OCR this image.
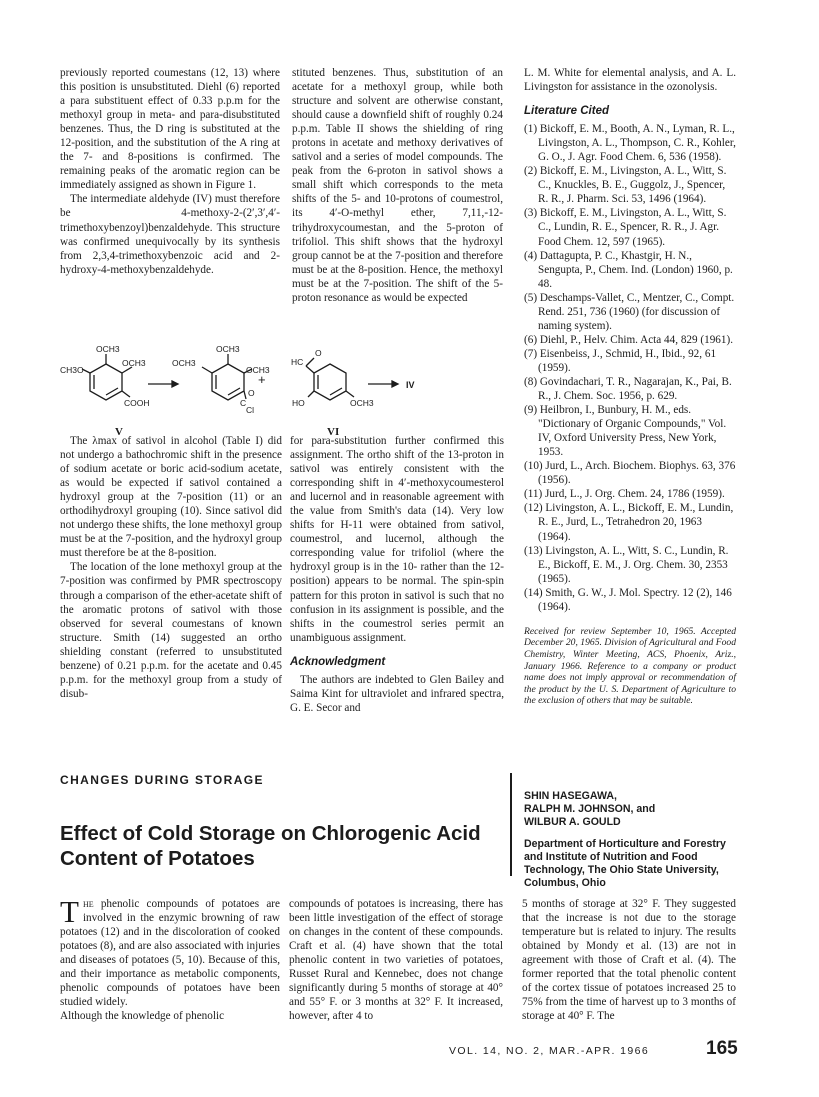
previously reported coumestans (12, 13) where this position is unsubstituted. Diehl (6) reported a para substituent effect of 0.33 p.p.m for the methoxyl group in meta- and para-disubstituted benzenes. Thus, the D ring is substituted at the 12-position, and the substitution of the A ring at the 7- and 8-positions is confirmed. The remaining peaks of the aromatic region can be immediately assigned as shown in Figure 1.

The intermediate aldehyde (IV) must therefore be 4-methoxy-2-(2′,3′,4′-trimethoxybenzoyl)benzaldehyde. This structure was confirmed unequivocally by its synthesis from 2,3,4-trimethoxybenzoic acid and 2-hydroxy-4-methoxybenzaldehyde.

stituted benzenes. Thus, substitution of an acetate for a methoxyl group, while both structure and solvent are otherwise constant, should cause a downfield shift of roughly 0.24 p.p.m. Table II shows the shielding of ring protons in acetate and methoxy derivatives of sativol and a series of model compounds. The peak from the 6-proton in sativol shows a small shift which corresponds to the meta shifts of the 5- and 10-protons of coumestrol, its 4′-O-methyl ether, 7,11,-12-trihydroxycoumestan, and the 5-proton of trifoliol. This shift shows that the hydroxyl group cannot be at the 7-position and therefore must be at the 8-position. Hence, the methoxyl must be at the 7-position. The shift of the 5-proton resonance as would be expected

L. M. White for elemental analysis, and A. L. Livingston for assistance in the ozonolysis.

Literature Cited
(1) Bickoff, E. M., Booth, A. N., Lyman, R. L., Livingston, A. L., Thompson, C. R., Kohler, G. O., J. Agr. Food Chem. 6, 536 (1958).
(2) Bickoff, E. M., Livingston, A. L., Witt, S. C., Knuckles, B. E., Guggolz, J., Spencer, R. R., J. Pharm. Sci. 53, 1496 (1964).
(3) Bickoff, E. M., Livingston, A. L., Witt, S. C., Lundin, R. E., Spencer, R. R., J. Agr. Food Chem. 12, 597 (1965).
(4) Dattagupta, P. C., Khastgir, H. N., Sengupta, P., Chem. Ind. (London) 1960, p. 48.
(5) Deschamps-Vallet, C., Mentzer, C., Compt. Rend. 251, 736 (1960) (for discussion of naming system).
(6) Diehl, P., Helv. Chim. Acta 44, 829 (1961).
(7) Eisenbeiss, J., Schmid, H., Ibid., 92, 61 (1959).
(8) Govindachari, T. R., Nagarajan, K., Pai, B. R., J. Chem. Soc. 1956, p. 629.
(9) Heilbron, I., Bunbury, H. M., eds. "Dictionary of Organic Compounds," Vol. IV, Oxford University Press, New York, 1953.
(10) Jurd, L., Arch. Biochem. Biophys. 63, 376 (1956).
(11) Jurd, L., J. Org. Chem. 24, 1786 (1959).
(12) Livingston, A. L., Bickoff, E. M., Lundin, R. E., Jurd, L., Tetrahedron 20, 1963 (1964).
(13) Livingston, A. L., Witt, S. C., Lundin, R. E., Bickoff, E. M., J. Org. Chem. 30, 2353 (1965).
(14) Smith, G. W., J. Mol. Spectry. 12 (2), 146 (1964).
Received for review September 10, 1965. Accepted December 20, 1965. Division of Agricultural and Food Chemistry, Winter Meeting, ACS, Phoenix, Ariz., January 1966. Reference to a company or product name does not imply approval or recommendation of the product by the U. S. Department of Agriculture to the exclusion of others that may be suitable.
OCH3
OCH3
CH3O
COOH
OCH3
OCH3
OCH3
O
C
Cl
+
HC
O
HO	OCH3
IV
V	VI

The λmax of sativol in alcohol (Table I) did not undergo a bathochromic shift in the presence of sodium acetate or boric acid-sodium acetate, as would be expected if sativol contained a hydroxyl group at the 7-position (11) or an orthodihydroxyl grouping (10). Since sativol did not undergo these shifts, the lone methoxyl group must be at the 7-position, and the hydroxyl group must therefore be at the 8-position.

The location of the lone methoxyl group at the 7-position was confirmed by PMR spectroscopy through a comparison of the ether-acetate shift of the aromatic protons of sativol with those observed for several coumestans of known structure. Smith (14) suggested an ortho shielding constant (referred to unsubstituted benzene) of 0.21 p.p.m. for the acetate and 0.45 p.p.m. for the methoxyl group from a study of disub-

for para-substitution further confirmed this assignment. The ortho shift of the 13-proton in sativol was entirely consistent with the corresponding shift in 4′-methoxycoumesterol and lucernol and in reasonable agreement with the value from Smith's data (14). Very low shifts for H-11 were obtained from sativol, coumestrol, and lucernol, although the corresponding value for trifoliol (where the hydroxyl group is in the 10- rather than the 12-position) appears to be normal. The spin-spin pattern for this proton in sativol is such that no confusion in its assignment is possible, and the shifts in the coumestrol series permit an unambiguous assignment.

Acknowledgment

The authors are indebted to Glen Bailey and Saima Kint for ultraviolet and infrared spectra, G. E. Secor and

CHANGES DURING STORAGE
Effect of Cold Storage on Chlorogenic Acid Content of Potatoes
SHIN HASEGAWA,
RALPH M. JOHNSON, and
WILBUR A. GOULD
Department of Horticulture and Forestry and Institute of Nutrition and Food Technology, The Ohio State University, Columbus, Ohio

The phenolic compounds of potatoes are involved in the enzymic browning of raw potatoes (12) and in the discoloration of cooked potatoes (8), and are also associated with injuries and diseases of potatoes (5, 10). Because of this, and their importance as metabolic components, phenolic compounds of potatoes have been studied widely.

Although the knowledge of phenolic

compounds of potatoes is increasing, there has been little investigation of the effect of storage on changes in the content of these compounds. Craft et al. (4) have shown that the total phenolic content in two varieties of potatoes, Russet Rural and Kennebec, does not change significantly during 5 months of storage at 40° and 55° F. or 3 months at 32° F. It increased, however, after 4 to

5 months of storage at 32° F. They suggested that the increase is not due to the storage temperature but is related to injury. The results obtained by Mondy et al. (13) are not in agreement with those of Craft et al. (4). The former reported that the total phenolic content of the cortex tissue of potatoes increased 25 to 75% from the time of harvest up to 3 months of storage at 40° F. The

VOL. 14, NO. 2, MAR.-APR. 1966	165
